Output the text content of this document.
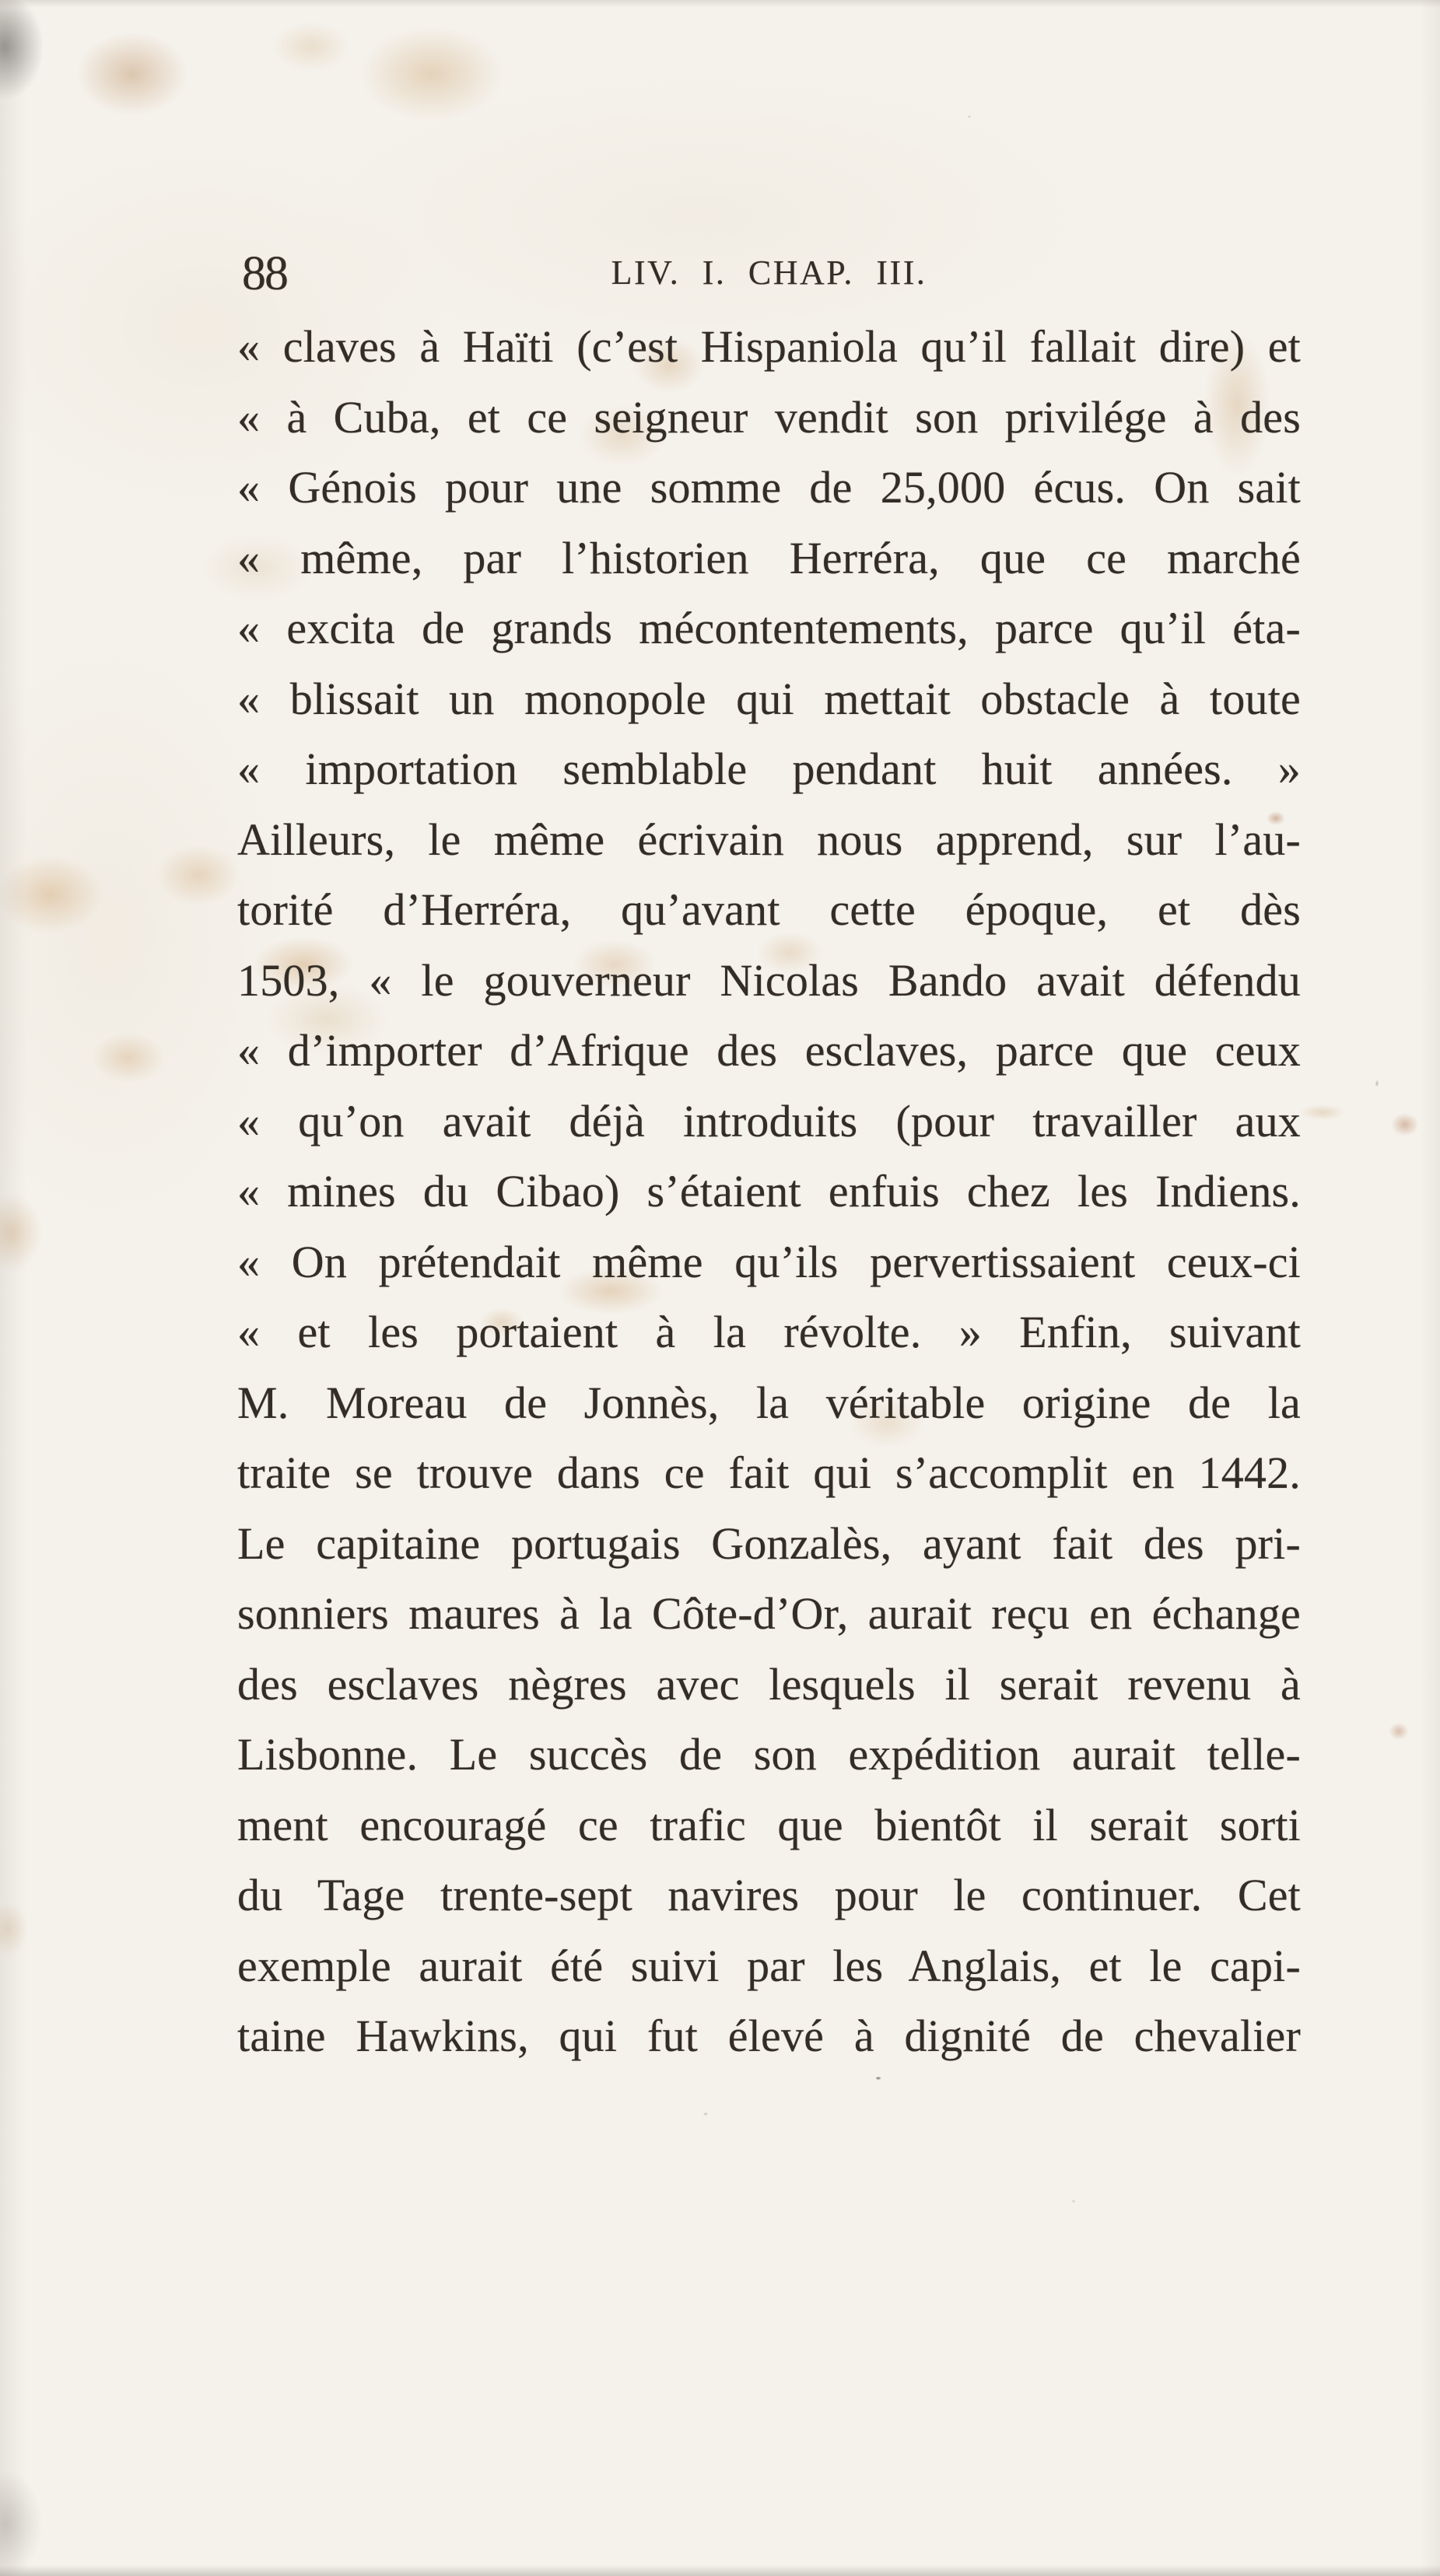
88	LIV. I. CHAP. III.
« claves à Haïti (c’est Hispaniola qu’il fallait dire) et
« à Cuba, et ce seigneur vendit son privilége à des
« Génois pour une somme de 25,000 écus. On sait
« même, par l’historien Herréra, que ce marché
« excita de grands mécontentements, parce qu’il éta-
« blissait un monopole qui mettait obstacle à toute
« importation semblable pendant huit années. »
Ailleurs, le même écrivain nous apprend, sur l’au-
torité d’Herréra, qu’avant cette époque, et dès
1503, « le gouverneur Nicolas Bando avait défendu
« d’importer d’Afrique des esclaves, parce que ceux
« qu’on avait déjà introduits (pour travailler aux
« mines du Cibao) s’étaient enfuis chez les Indiens.
« On prétendait même qu’ils pervertissaient ceux-ci
« et les portaient à la révolte. » Enfin, suivant
M. Moreau de Jonnès, la véritable origine de la
traite se trouve dans ce fait qui s’accomplit en 1442.
Le capitaine portugais Gonzalès, ayant fait des pri-
sonniers maures à la Côte-d’Or, aurait reçu en échange
des esclaves nègres avec lesquels il serait revenu à
Lisbonne. Le succès de son expédition aurait telle-
ment encouragé ce trafic que bientôt il serait sorti
du Tage trente-sept navires pour le continuer. Cet
exemple aurait été suivi par les Anglais, et le capi-
taine Hawkins, qui fut élevé à dignité de chevalier
